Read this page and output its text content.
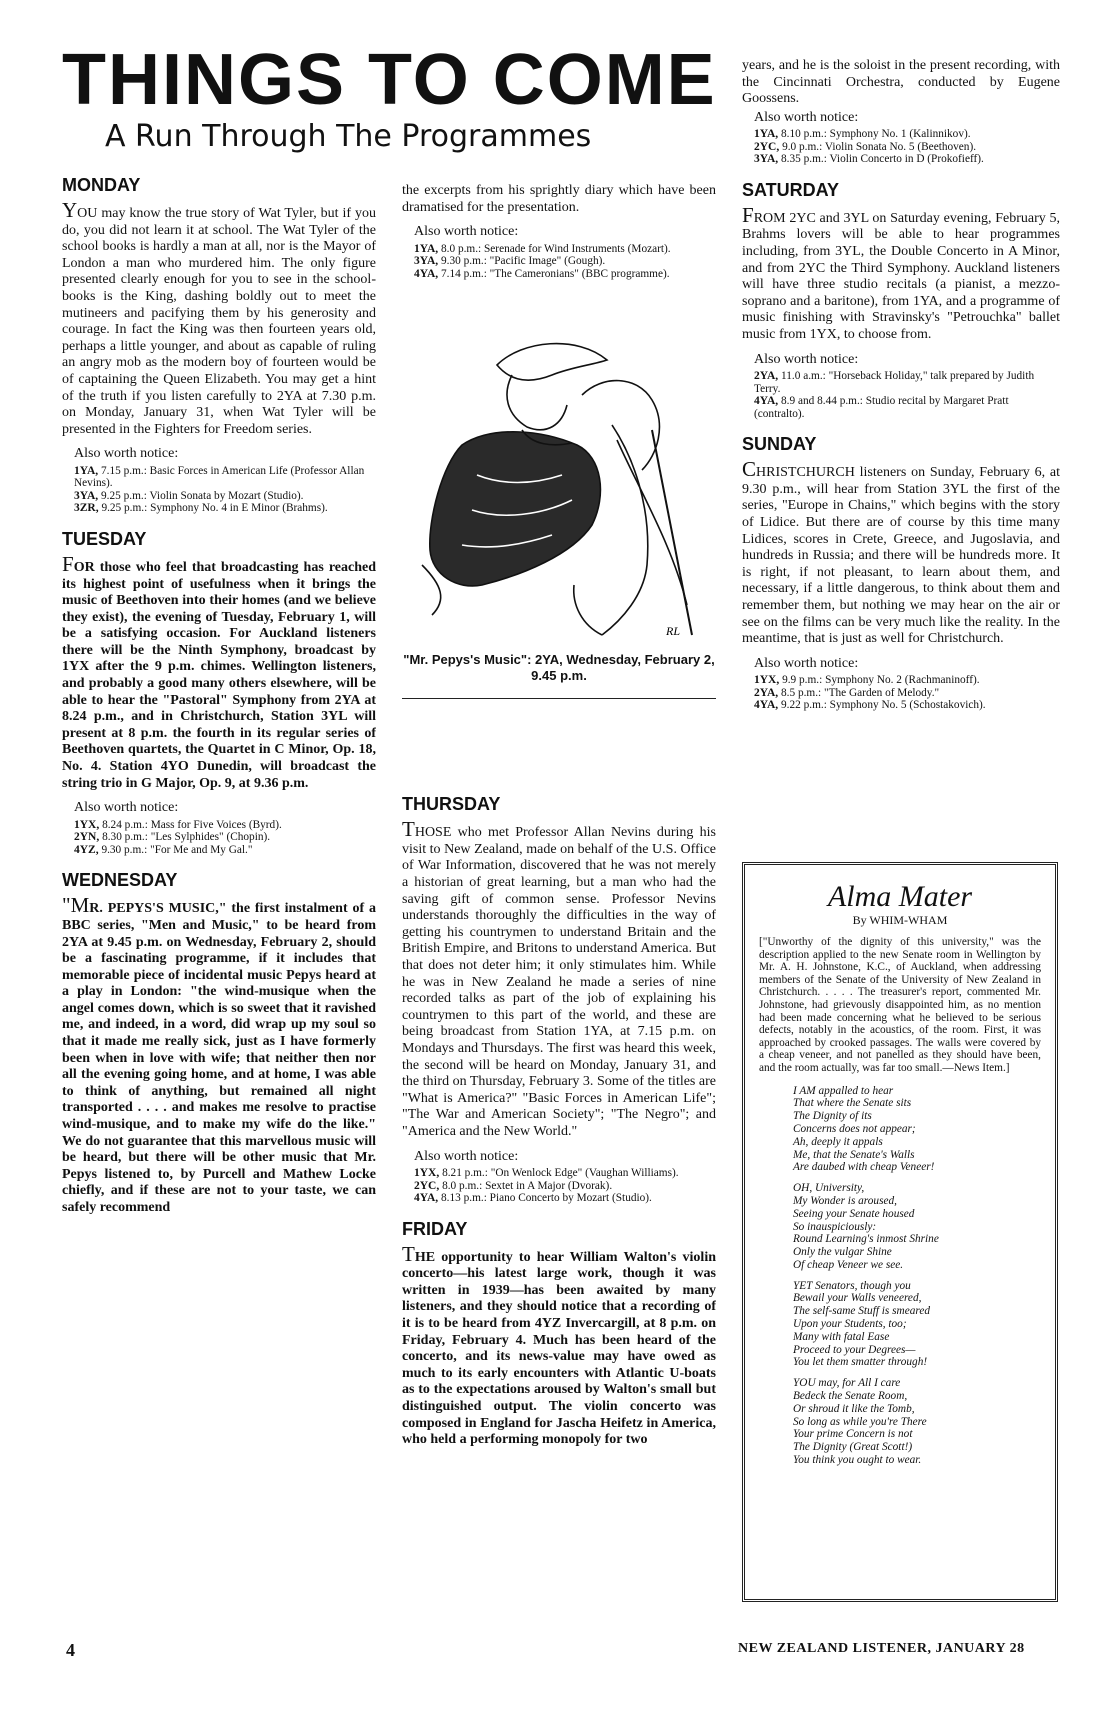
THINGS TO COME
A Run Through The Programmes
MONDAY

YOU may know the true story of Wat Tyler, but if you do, you did not learn it at school. The Wat Tyler of the school books is hardly a man at all, nor is the Mayor of London a man who murdered him. The only figure presented clearly enough for you to see in the school-books is the King, dashing boldly out to meet the mutineers and pacifying them by his generosity and courage. In fact the King was then fourteen years old, perhaps a little younger, and about as capable of ruling an angry mob as the modern boy of fourteen would be of captaining the Queen Elizabeth. You may get a hint of the truth if you listen carefully to 2YA at 7.30 p.m. on Monday, January 31, when Wat Tyler will be presented in the Fighters for Freedom series.

Also worth notice:
1YA, 7.15 p.m.: Basic Forces in American Life (Professor Allan Nevins).
3YA, 9.25 p.m.: Violin Sonata by Mozart (Studio).
3ZR, 9.25 p.m.: Symphony No. 4 in E Minor (Brahms).
TUESDAY

FOR those who feel that broadcasting has reached its highest point of usefulness when it brings the music of Beethoven into their homes (and we believe they exist), the evening of Tuesday, February 1, will be a satisfying occasion. For Auckland listeners there will be the Ninth Symphony, broadcast by 1YX after the 9 p.m. chimes. Wellington listeners, and probably a good many others elsewhere, will be able to hear the "Pastoral" Symphony from 2YA at 8.24 p.m., and in Christchurch, Station 3YL will present at 8 p.m. the fourth in its regular series of Beethoven quartets, the Quartet in C Minor, Op. 18, No. 4. Station 4YO Dunedin, will broadcast the string trio in G Major, Op. 9, at 9.36 p.m.

Also worth notice:
1YX, 8.24 p.m.: Mass for Five Voices (Byrd).
2YN, 8.30 p.m.: "Les Sylphides" (Chopin).
4YZ, 9.30 p.m.: "For Me and My Gal."
WEDNESDAY

"MR. PEPYS'S MUSIC," the first instalment of a BBC series, "Men and Music," to be heard from 2YA at 9.45 p.m. on Wednesday, February 2, should be a fascinating programme, if it includes that memorable piece of incidental music Pepys heard at a play in London: "the wind-musique when the angel comes down, which is so sweet that it ravished me, and indeed, in a word, did wrap up my soul so that it made me really sick, just as I have formerly been when in love with wife; that neither then nor all the evening going home, and at home, I was able to think of anything, but remained all night transported . . . . and makes me resolve to practise wind-musique, and to make my wife do the like." We do not guarantee that this marvellous music will be heard, but there will be other music that Mr. Pepys listened to, by Purcell and Mathew Locke chiefly, and if these are not to your taste, we can safely recommend

the excerpts from his sprightly diary which have been dramatised for the presentation.

Also worth notice:
1YA, 8.0 p.m.: Serenade for Wind Instruments (Mozart).
3YA, 9.30 p.m.: "Pacific Image" (Gough).
4YA, 7.14 p.m.: "The Cameronians" (BBC programme).
THURSDAY

THOSE who met Professor Allan Nevins during his visit to New Zealand, made on behalf of the U.S. Office of War Information, discovered that he was not merely a historian of great learning, but a man who had the saving gift of common sense. Professor Nevins understands thoroughly the difficulties in the way of getting his countrymen to understand Britain and the British Empire, and Britons to understand America. But that does not deter him; it only stimulates him. While he was in New Zealand he made a series of nine recorded talks as part of the job of explaining his countrymen to this part of the world, and these are being broadcast from Station 1YA, at 7.15 p.m. on Mondays and Thursdays. The first was heard this week, the second will be heard on Monday, January 31, and the third on Thursday, February 3. Some of the titles are "What is America?" "Basic Forces in American Life"; "The War and American Society"; "The Negro"; and "America and the New World."

Also worth notice:
1YX, 8.21 p.m.: "On Wenlock Edge" (Vaughan Williams).
2YC, 8.0 p.m.: Sextet in A Major (Dvorak).
4YA, 8.13 p.m.: Piano Concerto by Mozart (Studio).
FRIDAY

THE opportunity to hear William Walton's violin concerto—his latest large work, though it was written in 1939—has been awaited by many listeners, and they should notice that a recording of it is to be heard from 4YZ Invercargill, at 8 p.m. on Friday, February 4. Much has been heard of the concerto, and its news-value may have owed as much to its early encounters with Atlantic U-boats as to the expectations aroused by Walton's small but distinguished output. The violin concerto was composed in England for Jascha Heifetz in America, who held a performing monopoly for two

RL
"Mr. Pepys's Music": 2YA, Wednesday, February 2, 9.45 p.m.

years, and he is the soloist in the present recording, with the Cincinnati Orchestra, conducted by Eugene Goossens.

Also worth notice:
1YA, 8.10 p.m.: Symphony No. 1 (Kalinnikov).
2YC, 9.0 p.m.: Violin Sonata No. 5 (Beethoven).
3YA, 8.35 p.m.: Violin Concerto in D (Prokofieff).
SATURDAY

FROM 2YC and 3YL on Saturday evening, February 5, Brahms lovers will be able to hear programmes including, from 3YL, the Double Concerto in A Minor, and from 2YC the Third Symphony. Auckland listeners will have three studio recitals (a pianist, a mezzo-soprano and a baritone), from 1YA, and a programme of music finishing with Stravinsky's "Petrouchka" ballet music from 1YX, to choose from.

Also worth notice:
2YA, 11.0 a.m.: "Horseback Holiday," talk prepared by Judith Terry.
4YA, 8.9 and 8.44 p.m.: Studio recital by Margaret Pratt (contralto).
SUNDAY

CHRISTCHURCH listeners on Sunday, February 6, at 9.30 p.m., will hear from Station 3YL the first of the series, "Europe in Chains," which begins with the story of Lidice. But there are of course by this time many Lidices, scores in Crete, Greece, and Jugoslavia, and hundreds in Russia; and there will be hundreds more. It is right, if not pleasant, to learn about them, and necessary, if a little dangerous, to think about them and remember them, but nothing we may hear on the air or see on the films can be very much like the reality. In the meantime, that is just as well for Christchurch.

Also worth notice:
1YX, 9.9 p.m.: Symphony No. 2 (Rachmaninoff).
2YA, 8.5 p.m.: "The Garden of Melody."
4YA, 9.22 p.m.: Symphony No. 5 (Schostakovich).
Alma Mater
By WHIM-WHAM
["Unworthy of the dignity of this university," was the description applied to the new Senate room in Wellington by Mr. A. H. Johnstone, K.C., of Auckland, when addressing members of the Senate of the University of New Zealand in Christchurch. . . . . The treasurer's report, commented Mr. Johnstone, had grievously disappointed him, as no mention had been made concerning what he believed to be serious defects, notably in the acoustics, of the room. First, it was approached by crooked passages. The walls were covered by a cheap veneer, and not panelled as they should have been, and the room actually, was far too small.—News Item.]
I AM appalled to hear
That where the Senate sits
The Dignity of its
Concerns does not appear;
Ah, deeply it appals
Me, that the Senate's Walls
Are daubed with cheap Veneer!
OH, University,
My Wonder is aroused,
Seeing your Senate housed
So inauspiciously:
Round Learning's inmost Shrine
Only the vulgar Shine
Of cheap Veneer we see.
YET Senators, though you
Bewail your Walls veneered,
The self-same Stuff is smeared
Upon your Students, too;
Many with fatal Ease
Proceed to your Degrees—
You let them smatter through!
YOU may, for All I care
Bedeck the Senate Room,
Or shroud it like the Tomb,
So long as while you're There
Your prime Concern is not
The Dignity (Great Scott!)
You think you ought to wear.
4	NEW ZEALAND LISTENER, JANUARY 28
